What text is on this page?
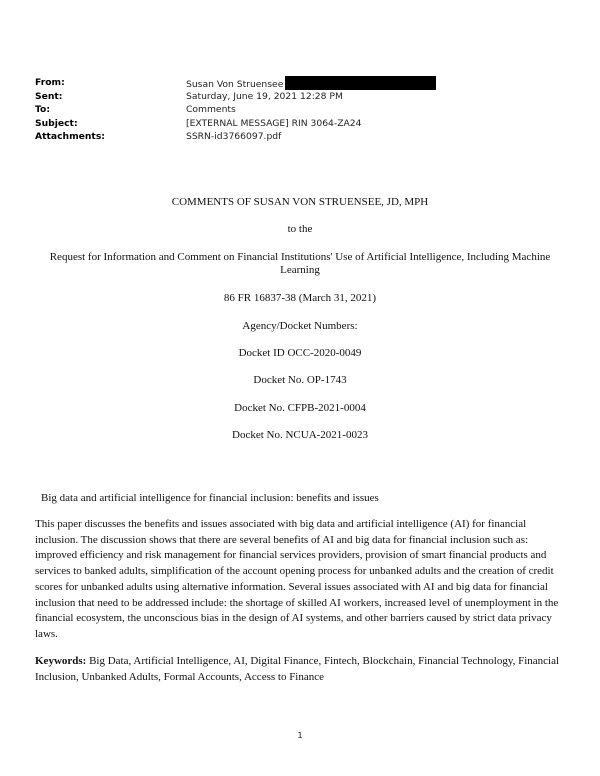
From:	Susan Von Struensee
Sent:	Saturday, June 19, 2021 12:28 PM
To:	Comments
Subject:	[EXTERNAL MESSAGE] RIN 3064-ZA24
Attachments:	SSRN-id3766097.pdf
COMMENTS OF SUSAN VON STRUENSEE, JD, MPH
to the
Request for Information and Comment on Financial Institutions' Use of Artificial Intelligence, Including Machine Learning
86 FR 16837-38 (March 31, 2021)
Agency/Docket Numbers:
Docket ID OCC-2020-0049
Docket No. OP-1743
Docket No. CFPB-2021-0004
Docket No. NCUA-2021-0023
Big data and artificial intelligence for financial inclusion: benefits and issues
This paper discusses the benefits and issues associated with big data and artificial intelligence (AI) for financial inclusion. The discussion shows that there are several benefits of AI and big data for financial inclusion such as: improved efficiency and risk management for financial services providers, provision of smart financial products and services to banked adults, simplification of the account opening process for unbanked adults and the creation of credit scores for unbanked adults using alternative information. Several issues associated with AI and big data for financial inclusion that need to be addressed include: the shortage of skilled AI workers, increased level of unemployment in the financial ecosystem, the unconscious bias in the design of AI systems, and other barriers caused by strict data privacy laws.
Keywords: Big Data, Artificial Intelligence, AI, Digital Finance, Fintech, Blockchain, Financial Technology, Financial Inclusion, Unbanked Adults, Formal Accounts, Access to Finance
1
